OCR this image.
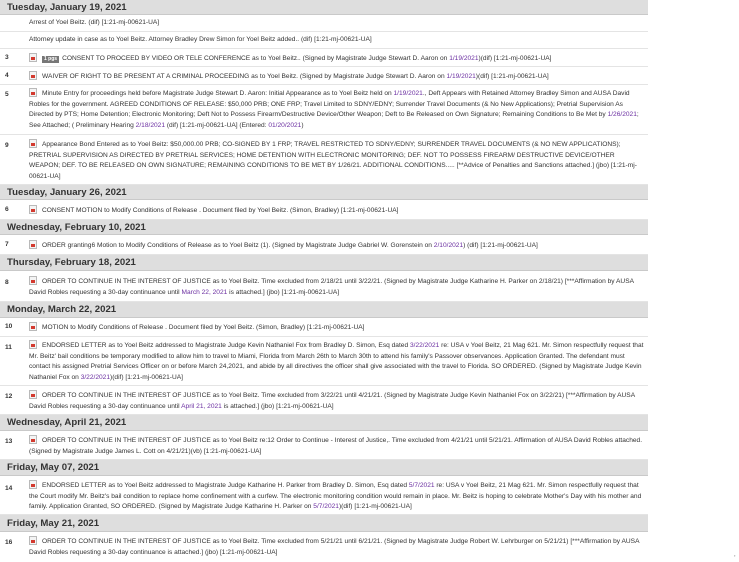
Tuesday, January 19, 2021
Arrest of Yoel Beitz. (dif) [1:21-mj-00621-UA]
Attorney update in case as to Yoel Beitz. Attorney Bradley Drew Simon for Yoel Beitz added.. (dif) [1:21-mj-00621-UA]
3	1 pgs CONSENT TO PROCEED BY VIDEO OR TELE CONFERENCE as to Yoel Beitz.. (Signed by Magistrate Judge Stewart D. Aaron on 1/19/2021)(dif) [1:21-mj-00621-UA]
4	WAIVER OF RIGHT TO BE PRESENT AT A CRIMINAL PROCEEDING as to Yoel Beitz. (Signed by Magistrate Judge Stewart D. Aaron on 1/19/2021)(dif) [1:21-mj-00621-UA]
5	Minute Entry for proceedings held before Magistrate Judge Stewart D. Aaron: Initial Appearance as to Yoel Beitz held on 1/19/2021., Deft Appears with Retained Attorney Bradley Simon and AUSA David Robles for the government. AGREED CONDITIONS OF RELEASE: $50,000 PRB; ONE FRP; Travel Limited to SDNY/EDNY; Surrender Travel Documents (& No New Applications); Pretrial Supervision As Directed by PTS; Home Detention; Electronic Monitoring; Deft Not to Possess Firearm/Destructive Device/Other Weapon; Deft to Be Released on Own Signature; Remaining Conditions to Be Met by 1/26/2021; See Attached; ( Preliminary Hearing 2/18/2021 (dif) [1:21-mj-00621-UA] (Entered: 01/20/2021)
9	Appearance Bond Entered as to Yoel Beitz: $50,000.00 PRB; CO-SIGNED BY 1 FRP; TRAVEL RESTRICTED TO SDNY/EDNY; SURRENDER TRAVEL DOCUMENTS (& NO NEW APPLICATIONS); PRETRIAL SUPERVISION AS DIRECTED BY PRETRIAL SERVICES; HOME DETENTION WITH ELECTRONIC MONITORING; DEF. NOT TO POSSESS FIREARM/ DESTRUCTIVE DEVICE/OTHER WEAPON; DEF. TO BE RELEASED ON OWN SIGNATURE; REMAINING CONDITIONS TO BE MET BY 1/26/21. ADDITIONAL CONDITIONS..... [**Advice of Penalties and Sanctions attached.] (jbo) [1:21-mj-00621-UA]
Tuesday, January 26, 2021
6	CONSENT MOTION to Modify Conditions of Release . Document filed by Yoel Beitz. (Simon, Bradley) [1:21-mj-00621-UA]
Wednesday, February 10, 2021
7	ORDER granting6 Motion to Modify Conditions of Release as to Yoel Beitz (1). (Signed by Magistrate Judge Gabriel W. Gorenstein on 2/10/2021) (dif) [1:21-mj-00621-UA]
Thursday, February 18, 2021
8	ORDER TO CONTINUE IN THE INTEREST OF JUSTICE as to Yoel Beitz. Time excluded from 2/18/21 until 3/22/21. (Signed by Magistrate Judge Katharine H. Parker on 2/18/21) [***Affirmation by AUSA David Robles requesting a 30-day continuance until March 22, 2021 is attached.] (jbo) [1:21-mj-00621-UA]
Monday, March 22, 2021
10	MOTION to Modify Conditions of Release . Document filed by Yoel Beitz. (Simon, Bradley) [1:21-mj-00621-UA]
11	ENDORSED LETTER as to Yoel Beitz addressed to Magistrate Judge Kevin Nathaniel Fox from Bradley D. Simon, Esq dated 3/22/2021 re: USA v Yoel Beitz, 21 Mag 621. Mr. Simon respectfully request that Mr. Beitz' bail conditions be temporary modified to allow him to travel to Miami, Florida from March 26th to March 30th to attend his family's Passover observances. Application Granted. The defendant must contact his assigned Pretrial Services Officer on or before March 24,2021, and abide by all directives the officer shall give associated with the travel to Florida. SO ORDERED. (Signed by Magistrate Judge Kevin Nathaniel Fox on 3/22/2021)(dif) [1:21-mj-00621-UA]
12	ORDER TO CONTINUE IN THE INTEREST OF JUSTICE as to Yoel Beitz. Time excluded from 3/22/21 until 4/21/21. (Signed by Magistrate Judge Kevin Nathaniel Fox on 3/22/21) [***Affirmation by AUSA David Robles requesting a 30-day continuance until April 21, 2021 is attached.] (jbo) [1:21-mj-00621-UA]
Wednesday, April 21, 2021
13	ORDER TO CONTINUE IN THE INTEREST OF JUSTICE as to Yoel Beitz re:12 Order to Continue - Interest of Justice,. Time excluded from 4/21/21 until 5/21/21. Affirmation of AUSA David Robles attached. (Signed by Magistrate Judge James L. Cott on 4/21/21)(vb) [1:21-mj-00621-UA]
Friday, May 07, 2021
14	ENDORSED LETTER as to Yoel Beitz addressed to Magistrate Judge Katharine H. Parker from Bradley D. Simon, Esq dated 5/7/2021 re: USA v Yoel Beitz, 21 Mag 621. Mr. Simon respectfully request that the Court modify Mr. Beitz's bail condition to replace home confinement with a curfew. The electronic monitoring condition would remain in place. Mr. Beitz is hoping to celebrate Mother's Day with his mother and family. Application Granted, SO ORDERED. (Signed by Magistrate Judge Katharine H. Parker on 5/7/2021)(dif) [1:21-mj-00621-UA]
Friday, May 21, 2021
16	ORDER TO CONTINUE IN THE INTEREST OF JUSTICE as to Yoel Beitz. Time excluded from 5/21/21 until 6/21/21. (Signed by Magistrate Judge Robert W. Lehrburger on 5/21/21) [***Affirmation by AUSA David Robles requesting a 30-day continuance is attached.] (jbo) [1:21-mj-00621-UA]	,
